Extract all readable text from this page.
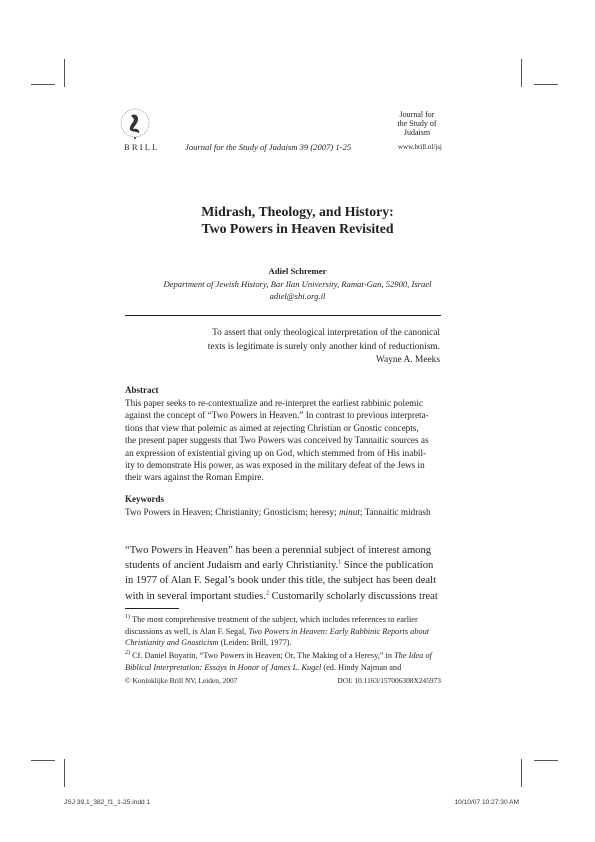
BRILL	Journal for the Study of Judaism 39 (2007) 1-25
Journal for
the Study of
Judaism
www.brill.nl/jsj
Midrash, Theology, and History:
Two Powers in Heaven Revisited
Adiel Schremer
Department of Jewish History, Bar Ilan University, Ramat-Gan, 52900, Israel
adiel@shi.org.il
To assert that only theological interpretation of the canonical
texts is legitimate is surely only another kind of reductionism.
Wayne A. Meeks
Abstract
This paper seeks to re-contextualize and re-interpret the earliest rabbinic polemic
against the concept of “Two Powers in Heaven.” In contrast to previous interpreta-
tions that view that polemic as aimed at rejecting Christian or Gnostic concepts,
the present paper suggests that Two Powers was conceived by Tannaitic sources as
an expression of existential giving up on God, which stemmed from of His inabil-
ity to demonstrate His power, as was exposed in the military defeat of the Jews in
their wars against the Roman Empire.
Keywords
Two Powers in Heaven; Christianity; Gnosticism; heresy; minut; Tannaitic midrash
“Two Powers in Heaven” has been a perennial subject of interest among
students of ancient Judaism and early Christianity.$^1$ Since the publication
in 1977 of Alan F. Segal’s book under this title, the subject has been dealt
with in several important studies.$^2$ Customarily scholarly discussions treat
$^{1)}$ The most comprehensive treatment of the subject, which includes references to earlier discussions as well, is Alan F. Segal, Two Powers in Heaven: Early Rabbinic Reports about Christianity and Gnosticism (Leiden: Brill, 1977).
$^{2)}$ Cf. Daniel Boyarin, “Two Powers in Heaven; Or, The Making of a Heresy,” in The Idea of Biblical Interpretation: Essays in Honor of James L. Kugel (ed. Hindy Najman and
© Koninklijke Brill NV, Leiden, 2007	DOI: 10.1163/157006308X245973
JSJ 39,1_382_f1_1-25.indd 1	10/10/07 10:27:30 AM
